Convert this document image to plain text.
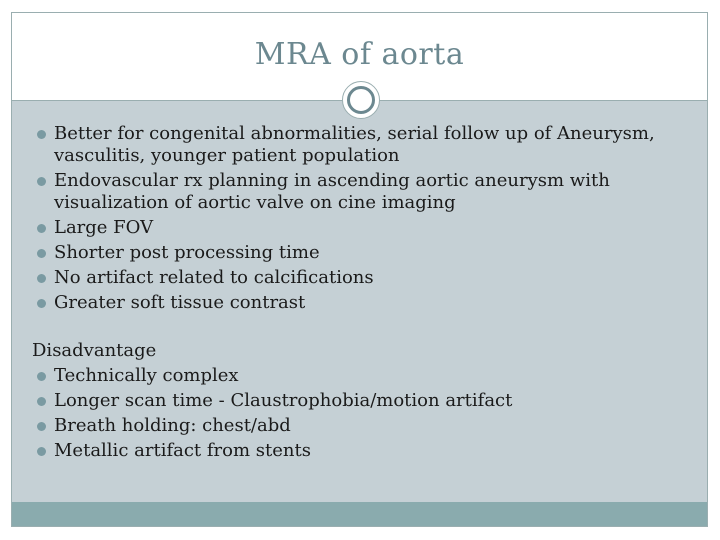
MRA of aorta
Better for congenital abnormalities, serial follow up of Aneurysm, vasculitis, younger patient population
Endovascular rx planning in ascending aortic aneurysm with visualization of aortic valve on cine imaging
Large FOV
Shorter post processing time
No artifact related to calcifications
Greater soft tissue contrast
Disadvantage
Technically complex
Longer scan time - Claustrophobia/motion artifact
Breath holding: chest/abd
Metallic artifact from stents
